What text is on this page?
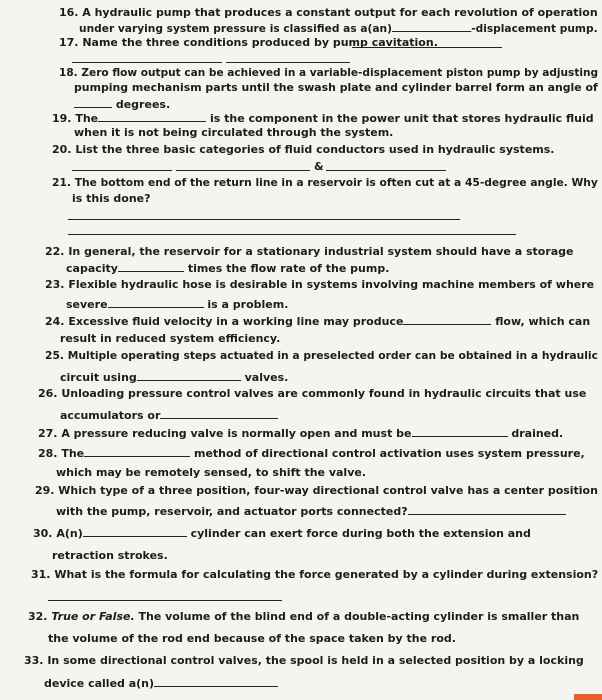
16. A hydraulic pump that produces a constant output for each revolution of operation
under varying system pressure is classified as a(an)	-displacement pump.
17. Name the three conditions produced by pump cavitation.
18. Zero flow output can be achieved in a variable-displacement piston pump by adjusting
pumping mechanism parts until the swash plate and cylinder barrel form an angle of
degrees.
19. The	is the component in the power unit that stores hydraulic fluid
when it is not being circulated through the system.
20. List the three basic categories of fluid conductors used in hydraulic systems.
&
21. The bottom end of the return line in a reservoir is often cut at a 45-degree angle. Why
is this done?
22. In general, the reservoir for a stationary industrial system should have a storage
capacity	times the flow rate of the pump.
23. Flexible hydraulic hose is desirable in systems involving machine members of where
severe	is a problem.
24. Excessive fluid velocity in a working line may produce	flow, which can
result in reduced system efficiency.
25. Multiple operating steps actuated in a preselected order can be obtained in a hydraulic
circuit using	valves.
26. Unloading pressure control valves are commonly found in hydraulic circuits that use
accumulators or
27. A pressure reducing valve is normally open and must be	drained.
28. The	method of directional control activation uses system pressure,
which may be remotely sensed, to shift the valve.
29. Which type of a three position, four-way directional control valve has a center position
with the pump, reservoir, and actuator ports connected?
30. A(n)	cylinder can exert force during both the extension and
retraction strokes.
31. What is the formula for calculating the force generated by a cylinder during extension?
32. True or False. The volume of the blind end of a double-acting cylinder is smaller than
the volume of the rod end because of the space taken by the rod.
33. In some directional control valves, the spool is held in a selected position by a locking
device called a(n)
